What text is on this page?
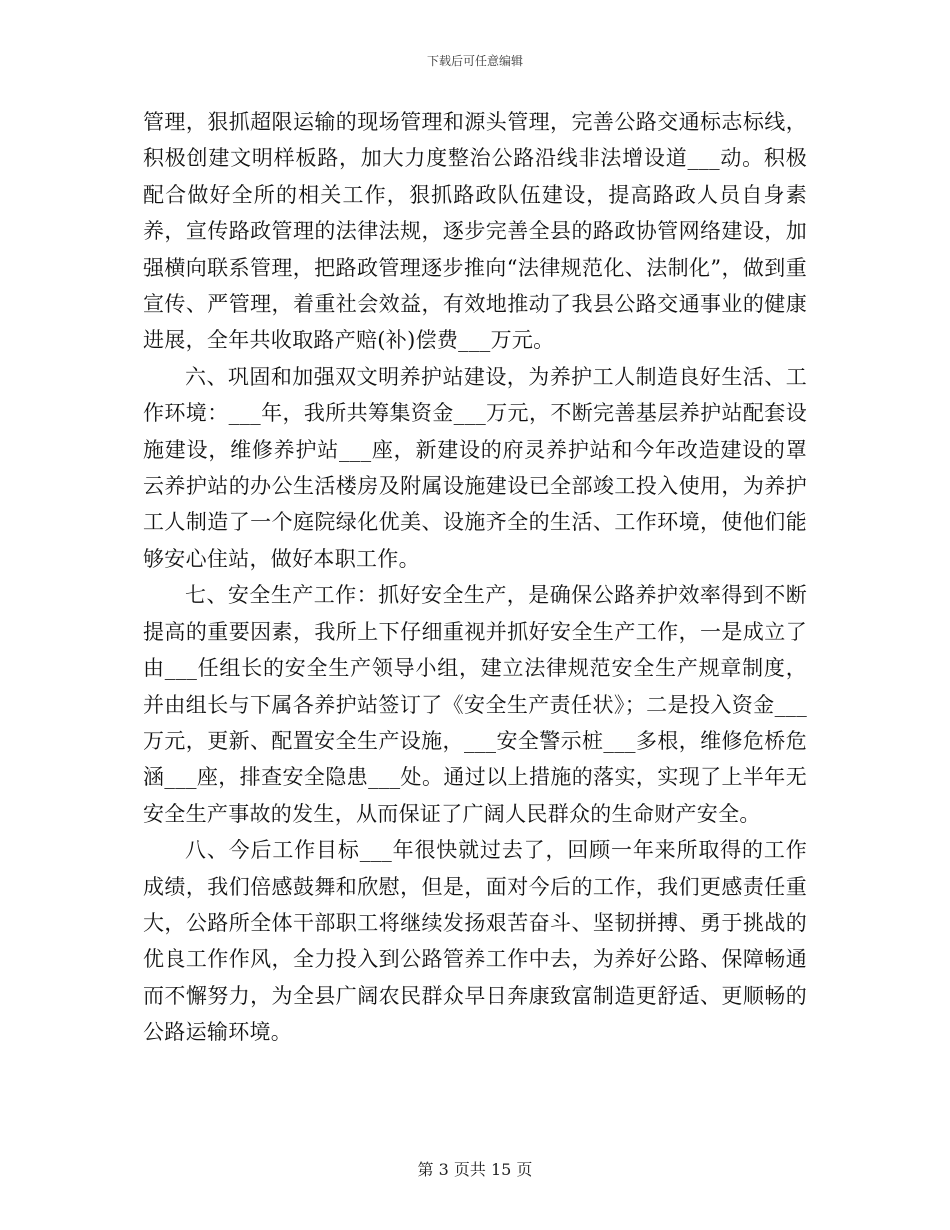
下载后可任意编辑

管理，狠抓超限运输的现场管理和源头管理，完善公路交通标志标线，积极创建文明样板路，加大力度整治公路沿线非法增设道___动。积极配合做好全所的相关工作，狠抓路政队伍建设，提高路政人员自身素养，宣传路政管理的法律法规，逐步完善全县的路政协管网络建设，加强横向联系管理，把路政管理逐步推向“法律规范化、法制化”，做到重宣传、严管理，着重社会效益，有效地推动了我县公路交通事业的健康进展，全年共收取路产赔(补)偿费___万元。

六、巩固和加强双文明养护站建设，为养护工人制造良好生活、工作环境：___年，我所共筹集资金___万元，不断完善基层养护站配套设施建设，维修养护站___座，新建设的府灵养护站和今年改造建设的罩云养护站的办公生活楼房及附属设施建设已全部竣工投入使用，为养护工人制造了一个庭院绿化优美、设施齐全的生活、工作环境，使他们能够安心住站，做好本职工作。

七、安全生产工作：抓好安全生产，是确保公路养护效率得到不断提高的重要因素，我所上下仔细重视并抓好安全生产工作，一是成立了由___任组长的安全生产领导小组，建立法律规范安全生产规章制度，并由组长与下属各养护站签订了《安全生产责任状》；二是投入资金___万元，更新、配置安全生产设施，___安全警示桩___多根，维修危桥危涵___座，排查安全隐患___处。通过以上措施的落实，实现了上半年无安全生产事故的发生，从而保证了广阔人民群众的生命财产安全。

八、今后工作目标___年很快就过去了，回顾一年来所取得的工作成绩，我们倍感鼓舞和欣慰，但是，面对今后的工作，我们更感责任重大，公路所全体干部职工将继续发扬艰苦奋斗、坚韧拼搏、勇于挑战的优良工作作风，全力投入到公路管养工作中去，为养好公路、保障畅通而不懈努力，为全县广阔农民群众早日奔康致富制造更舒适、更顺畅的公路运输环境。

第 3 页共 15 页
